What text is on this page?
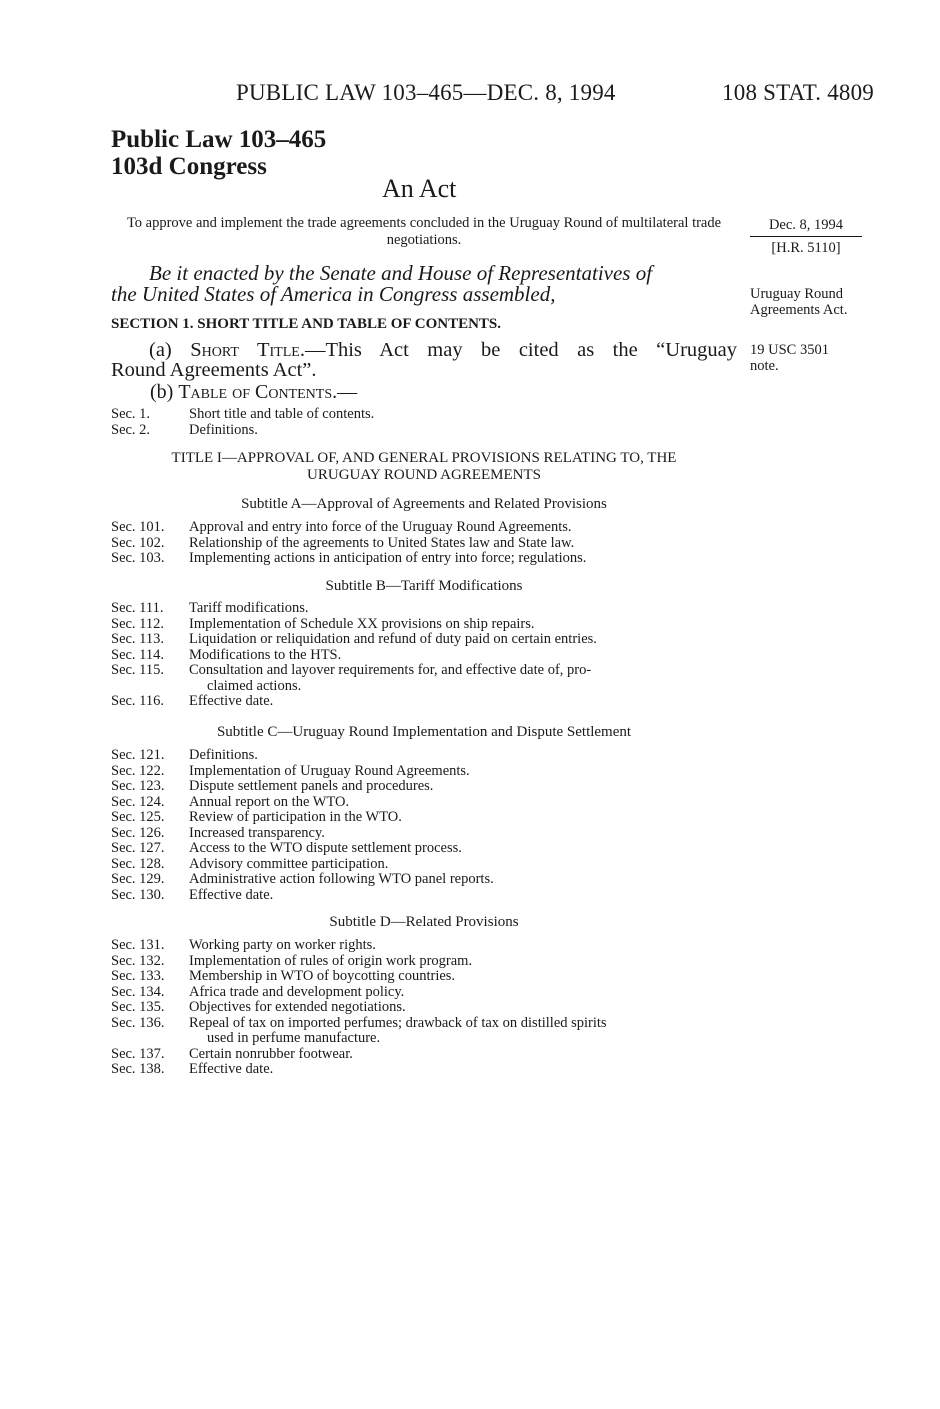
PUBLIC LAW 103–465—DEC. 8, 1994	108 STAT. 4809
Public Law 103–465
103d Congress
An Act
To approve and implement the trade agreements concluded in the Uruguay Round of multilateral trade negotiations.
Dec. 8, 1994
[H.R. 5110]
Uruguay Round
Agreements Act.
19 USC 3501
note.
Be it enacted by the Senate and House of Representatives of
the United States of America in Congress assembled,
SECTION 1. SHORT TITLE AND TABLE OF CONTENTS.
(a) Short Title.—This Act may be cited as the “Uruguay
Round Agreements Act”.
(b) Table of Contents.—
Sec. 1.	Short title and table of contents.
Sec. 2.	Definitions.
TITLE I—APPROVAL OF, AND GENERAL PROVISIONS RELATING TO, THE
URUGUAY ROUND AGREEMENTS
Subtitle A—Approval of Agreements and Related Provisions
Sec. 101. Approval and entry into force of the Uruguay Round Agreements.
Sec. 102. Relationship of the agreements to United States law and State law.
Sec. 103. Implementing actions in anticipation of entry into force; regulations.
Subtitle B—Tariff Modifications
Sec. 111. Tariff modifications.
Sec. 112. Implementation of Schedule XX provisions on ship repairs.
Sec. 113. Liquidation or reliquidation and refund of duty paid on certain entries.
Sec. 114. Modifications to the HTS.
Sec. 115. Consultation and layover requirements for, and effective date of, pro-
claimed actions.
Sec. 116. Effective date.
Subtitle C—Uruguay Round Implementation and Dispute Settlement
Sec. 121. Definitions.
Sec. 122. Implementation of Uruguay Round Agreements.
Sec. 123. Dispute settlement panels and procedures.
Sec. 124. Annual report on the WTO.
Sec. 125. Review of participation in the WTO.
Sec. 126. Increased transparency.
Sec. 127. Access to the WTO dispute settlement process.
Sec. 128. Advisory committee participation.
Sec. 129. Administrative action following WTO panel reports.
Sec. 130. Effective date.
Subtitle D—Related Provisions
Sec. 131. Working party on worker rights.
Sec. 132. Implementation of rules of origin work program.
Sec. 133. Membership in WTO of boycotting countries.
Sec. 134. Africa trade and development policy.
Sec. 135. Objectives for extended negotiations.
Sec. 136. Repeal of tax on imported perfumes; drawback of tax on distilled spirits
used in perfume manufacture.
Sec. 137. Certain nonrubber footwear.
Sec. 138. Effective date.
